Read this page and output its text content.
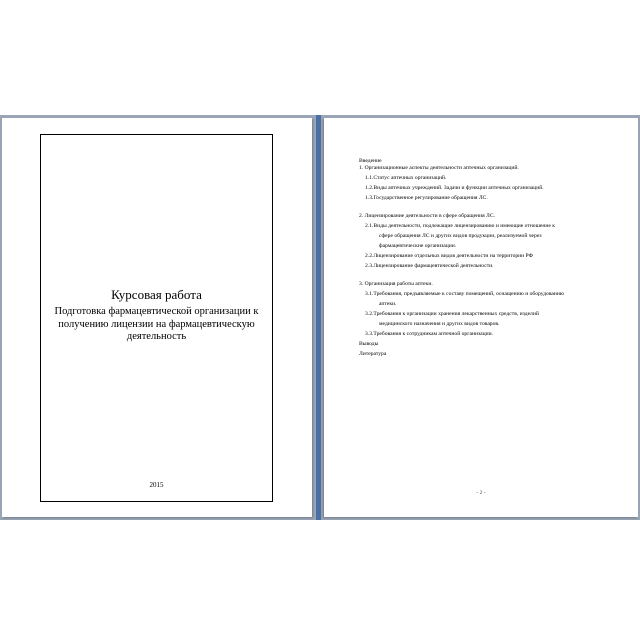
Курсовая работа
Подготовка фармацевтической организации к получению лицензии на фармацевтическую деятельность
2015
Введение
1. Организационные аспекты деятельности аптечных организаций.
1.1.Статус аптечных организаций.
1.2.Виды аптечных учреждений. Задачи и функции аптечных организаций.
1.3.Государственное регулирование обращения ЛС.
2. Лицензирование деятельности в сфере обращения ЛС.
2.1.Виды деятельности, подлежащие лицензированию и имеющие отношение к
сфере обращения ЛС и других видов продукции, реализуемой через
фармацевтические организации.
2.2.Лицензирование отдельных видов деятельности на территории РФ
2.3.Лицензирование фармацевтической деятельности.
3. Организация работы аптеки.
3.1.Требования, предъявляемые к составу помещений, оснащению и оборудованию
аптеки.
3.2.Требования к организации хранения лекарственных средств, изделий
медицинского назначения и других видов товаров.
3.3.Требования к сотрудникам аптечной организации.
Выводы
Литература
- 2 -
